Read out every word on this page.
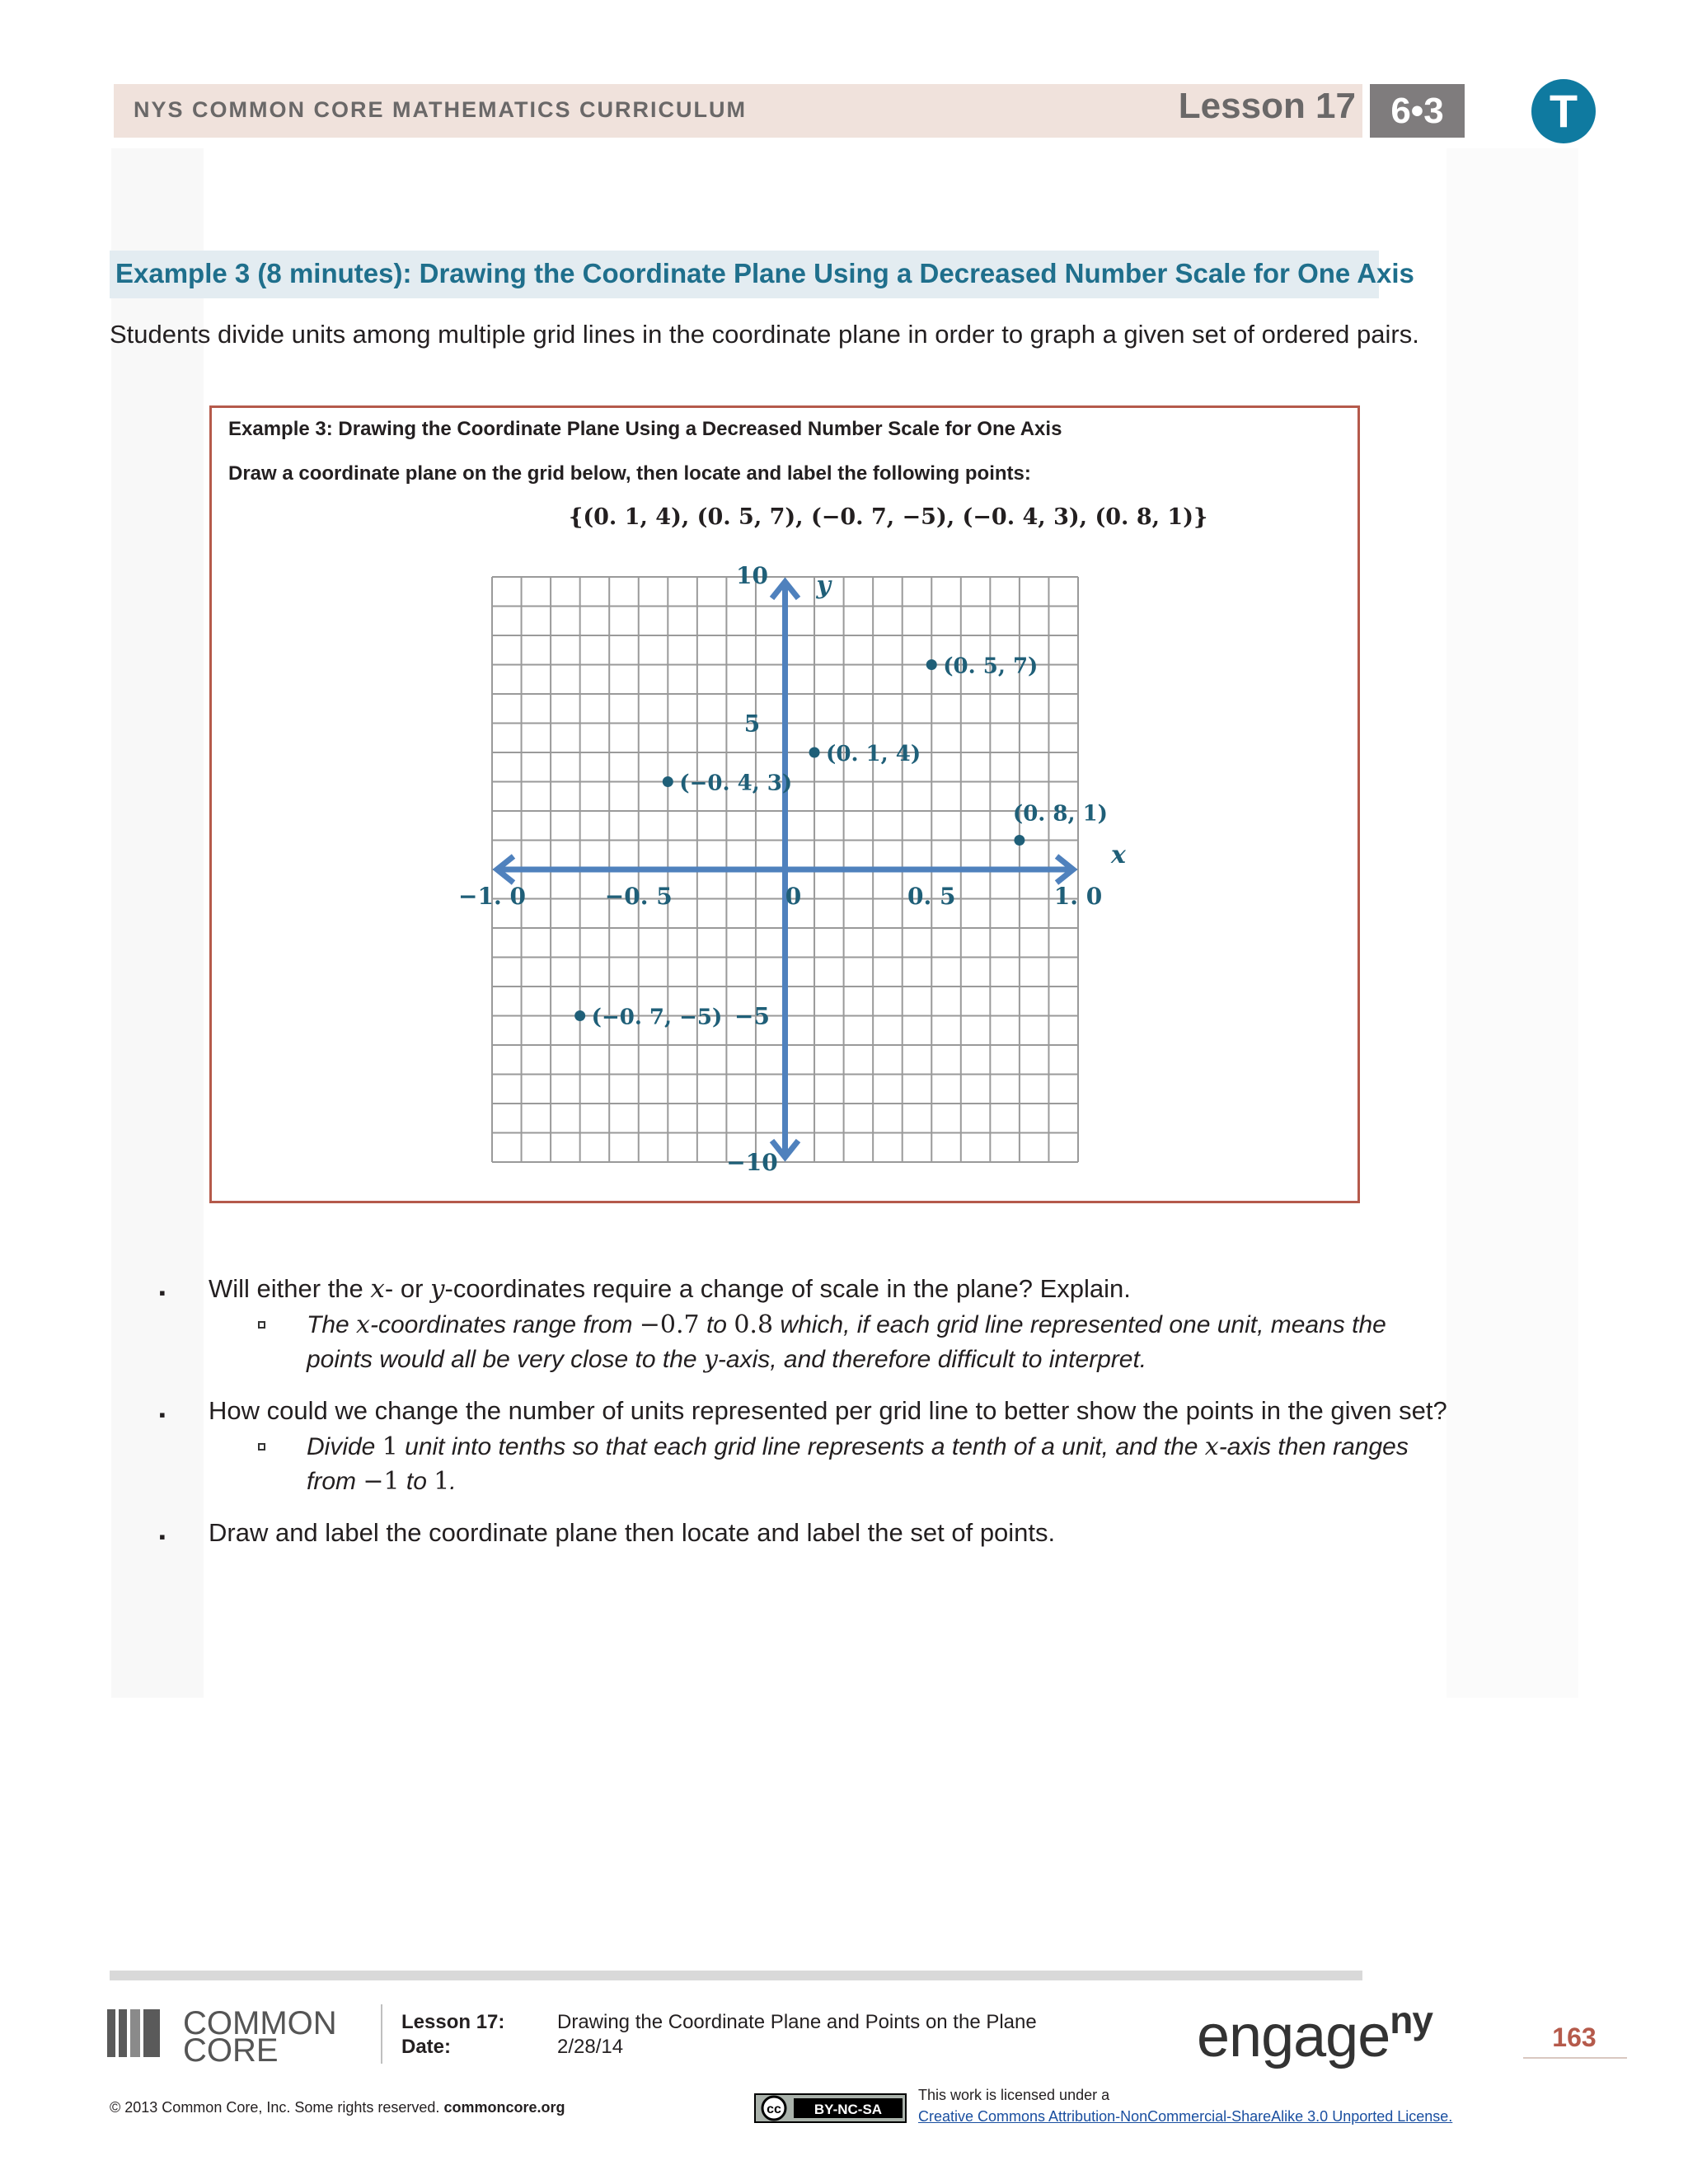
NYS COMMON CORE MATHEMATICS CURRICULUM	Lesson 17 6•3	T
Example 3 (8 minutes): Drawing the Coordinate Plane Using a Decreased Number Scale for One Axis
Students divide units among multiple grid lines in the coordinate plane in order to graph a given set of ordered pairs.
Example 3: Drawing the Coordinate Plane Using a Decreased Number Scale for One Axis
Draw a coordinate plane on the grid below, then locate and label the following points:
{(0. 1, 4), (0. 5, 7), (−0. 7, −5), (−0. 4, 3), (0. 8, 1)}
−1. 0	−0. 5	0	0. 5	1. 0
10
5
−5
−10
x
y
(0. 1, 4)
(0. 5, 7)
(−0. 7, −5)
(−0. 4, 3)
(0. 8, 1)
▪ Will either the x- or y-coordinates require a change of scale in the plane? Explain.
The x-coordinates range from −0.7 to 0.8 which, if each grid line represented one unit, means the
points would all be very close to the y-axis, and therefore difficult to interpret.
▪ How could we change the number of units represented per grid line to better show the points in the given set?
Divide 1 unit into tenths so that each grid line represents a tenth of a unit, and the x-axis then ranges
from −1 to 1.
▪ Draw and label the coordinate plane then locate and label the set of points.
COMMON
CORE
Lesson 17:
Date:
Drawing the Coordinate Plane and Points on the Plane
2/28/14	engage$^{ny}$	163
© 2013 Common Core, Inc. Some rights reserved. commoncore.org	cc BY-NC-SA
This work is licensed under a
Creative Commons Attribution-NonCommercial-ShareAlike 3.0 Unported License.
